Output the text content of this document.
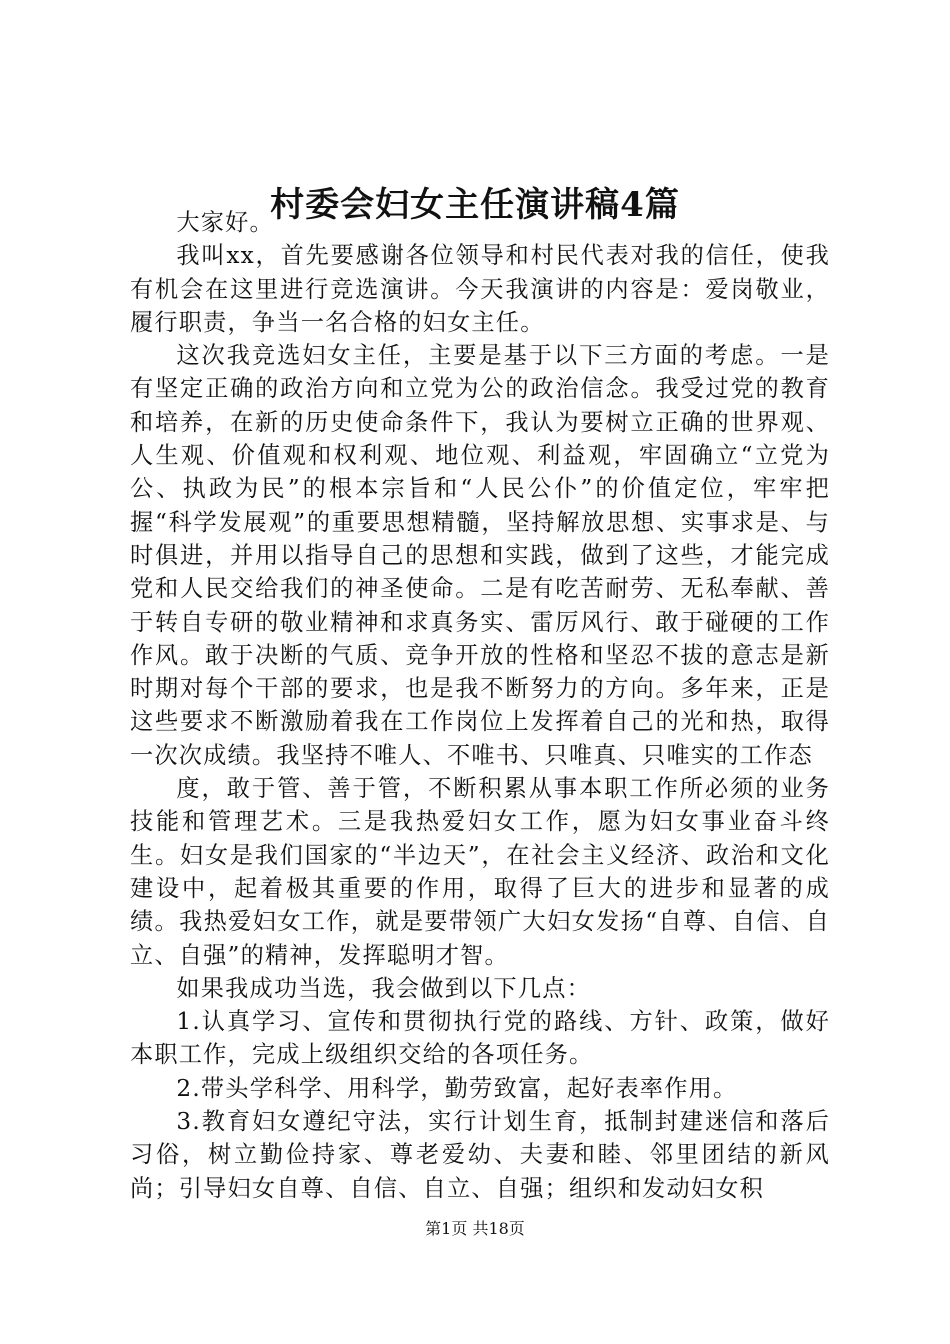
村委会妇女主任演讲稿4篇

大家好。

我叫xx，首先要感谢各位领导和村民代表对我的信任，使我有机会在这里进行竞选演讲。今天我演讲的内容是：爱岗敬业，履行职责，争当一名合格的妇女主任。

这次我竞选妇女主任，主要是基于以下三方面的考虑。一是有坚定正确的政治方向和立党为公的政治信念。我受过党的教育和培养，在新的历史使命条件下，我认为要树立正确的世界观、人生观、价值观和权利观、地位观、利益观，牢固确立“立党为公、执政为民”的根本宗旨和“人民公仆”的价值定位，牢牢把握“科学发展观”的重要思想精髓，坚持解放思想、实事求是、与时俱进，并用以指导自己的思想和实践，做到了这些，才能完成党和人民交给我们的神圣使命。二是有吃苦耐劳、无私奉献、善于转自专研的敬业精神和求真务实、雷厉风行、敢于碰硬的工作作风。敢于决断的气质、竞争开放的性格和坚忍不拔的意志是新时期对每个干部的要求，也是我不断努力的方向。多年来，正是这些要求不断激励着我在工作岗位上发挥着自己的光和热，取得一次次成绩。我坚持不唯人、不唯书、只唯真、只唯实的工作态

度，敢于管、善于管，不断积累从事本职工作所必须的业务技能和管理艺术。三是我热爱妇女工作，愿为妇女事业奋斗终生。妇女是我们国家的“半边天”，在社会主义经济、政治和文化建设中，起着极其重要的作用，取得了巨大的进步和显著的成绩。我热爱妇女工作，就是要带领广大妇女发扬“自尊、自信、自立、自强”的精神，发挥聪明才智。

如果我成功当选，我会做到以下几点：

1.认真学习、宣传和贯彻执行党的路线、方针、政策，做好本职工作，完成上级组织交给的各项任务。

2.带头学科学、用科学，勤劳致富，起好表率作用。

3.教育妇女遵纪守法，实行计划生育，抵制封建迷信和落后习俗，树立勤俭持家、尊老爱幼、夫妻和睦、邻里团结的新风尚；引导妇女自尊、自信、自立、自强；组织和发动妇女积

第1页 共18页
